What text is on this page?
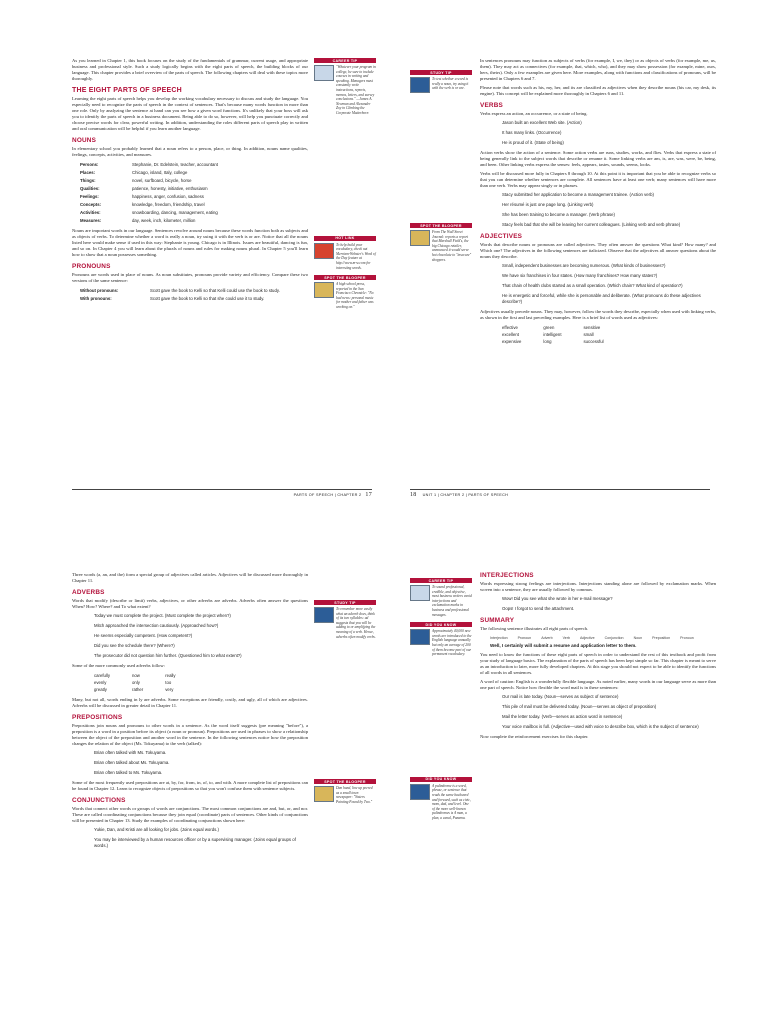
As you learned in Chapter 1, this book focuses on the study of the fundamentals of grammar, current usage, and appropriate business and professional style. Such a study logically begins with the eight parts of speech, the building blocks of our language. This chapter provides a brief overview of the parts of speech. The following chapters will deal with these topics more thoroughly.

THE EIGHT PARTS OF SPEECH

Learning the eight parts of speech helps you develop the working vocabulary necessary to discuss and study the language. You especially need to recognize the parts of speech in the context of sentences. That's because many words function in more than one role. Only by analyzing the sentence at hand can you see how a given word functions. It's unlikely that your boss will ask you to identify the parts of speech in a business document. Being able to do so, however, will help you punctuate correctly and choose precise words for clear, powerful writing. In addition, understanding the roles different parts of speech play in written and oral communication will be helpful if you learn another language.

NOUNS

In elementary school you probably learned that a noun refers to a person, place, or thing. In addition, nouns name qualities, feelings, concepts, activities, and measures.

Persons:	Stephanie, Dr. Edelstein, teacher, accountant
Places:	Chicago, island, Italy, college
Things:	novel, surfboard, bicycle, horse
Qualities:	patience, honesty, initiative, enthusiasm
Feelings:	happiness, anger, confusion, sadness
Concepts:	knowledge, freedom, friendship, travel
Activities:	snowboarding, dancing, management, eating
Measures:	day, week, inch, kilometer, million

Nouns are important words in our language. Sentences revolve around nouns because these words function both as subjects and as objects of verbs. To determine whether a word is really a noun, try using it with the verb is or are. Notice that all the nouns listed here would make sense if used in this way: Stephanie is young. Chicago is in Illinois. Issues are beautiful, dancing is fun, and so on. In Chapter 4 you will learn about the plurals of nouns and rules for making nouns plural. In Chapter 5 you'll learn how to show that a noun possesses something.

PRONOUNS

Pronouns are words used in place of nouns. As noun substitutes, pronouns provide variety and efficiency. Compare these two versions of the same sentence:

Without pronouns:	Scott gave the book to Kelli so that Kelli could use the book to study.
With pronouns:	Scott gave the book to Kelli so that she could use it to study.
CAREER TIP
"Whatever your program in college, be sure to include courses in writing and speaking. Managers must constantly write instructions, reports, memos, letters, and survey conclusions." —James A. Newman and Alexander Zoy in Climbing the Corporate Matterhorn
HOT LINK
To help build your vocabulary, check out Merriam-Webster's Word of the Day feature at http://www.m-w.com for interesting words.
SPOT THE BLOOPER
A high school press, reported in the San Francisco Chronicle: "No bad news: personal music for mother and father was working on."
PARTS OF SPEECH | CHAPTER 2 17
STUDY TIP
To test whether a word is really a noun, try using it with the verb is or are.
SPOT THE BLOOPER
From The Wall Street Journal: reports a report that Marshall Field's, the big Chicago retailer, announced it would serve hot chocolate to "insecure" shoppers.

In sentences pronouns may function as subjects of verbs (for example, I, we, they) or as objects of verbs (for example, me, us, them). They may act as connectives (for example, that, which, who), and they may show possession (for example, mine, ours, hers, theirs). Only a few examples are given here. More examples, along with functions and classifications of pronouns, will be presented in Chapters 6 and 7.

Please note that words such as his, my, her, and its are classified as adjectives when they describe nouns (his car, my desk, its engine). This concept will be explained more thoroughly in Chapters 6 and 11.

VERBS

Verbs express an action, an occurrence, or a state of being.

Jason built an excellent Web site. (Action)
It has many links. (Occurrence)
He is proud of it. (State of being)

Action verbs show the action of a sentence. Some action verbs are runs, studies, works, and flies. Verbs that express a state of being generally link to the subject words that describe or rename it. Some linking verbs are am, is, are, was, were, be, being, and been. Other linking verbs express the senses: feels, appears, tastes, sounds, seems, looks.

Verbs will be discussed more fully in Chapters 8 through 10. At this point it is important that you be able to recognize verbs so that you can determine whether sentences are complete. All sentences have at least one verb; many sentences will have more than one verb. Verbs may appear singly or in phrases.

Stacy submitted her application to become a management trainee. (Action verb)
Her résumé is just one page long. (Linking verb)
She has been training to become a manager. (Verb phrase)
Stacy feels bad that she will be leaving her current colleagues. (Linking verb and verb phrase)
ADJECTIVES

Words that describe nouns or pronouns are called adjectives. They often answer the questions What kind? How many? and Which one? The adjectives in the following sentences are italicized. Observe that the adjectives all answer questions about the nouns they describe.

Small, independent businesses are becoming numerous. (What kinds of businesses?)
We have six franchises in four states. (How many franchises? How many states?)
That chain of health clubs started as a small operation. (Which chain? What kind of operation?)
He is energetic and forceful, while she is personable and deliberate. (What pronouns do these adjectives describe?)

Adjectives usually precede nouns. They may, however, follow the words they describe, especially when used with linking verbs, as shown in the first and last preceding examples. Here is a brief list of words used as adjectives:

effective	green	sensitive
excellent	intelligent	small
expensive	long	successful
18 UNIT 1 | CHAPTER 2 | PARTS OF SPEECH

Three words (a, an, and the) form a special group of adjectives called articles. Adjectives will be discussed more thoroughly in Chapter 11.

ADVERBS

Words that modify (describe or limit) verbs, adjectives, or other adverbs are adverbs. Adverbs often answer the questions When? How? Where? and To what extent?

Today we must complete the project. (Must complete the project when?)
Mitch approached the intersection cautiously. (Approached how?)
He seems especially competent. (How competent?)
Did you see the schedule there? (Where?)
The prosecutor did not question him further. (Questioned him to what extent?)

Some of the more commonly used adverbs follow:

carefully	now	really
evenly	only	too
greatly	rather	very

Many, but not all, words ending in ly are adverbs. Some exceptions are friendly, costly, and ugly, all of which are adjectives. Adverbs will be discussed in greater detail in Chapter 11.

PREPOSITIONS

Prepositions join nouns and pronouns to other words in a sentence. As the word itself suggests (pre meaning "before"), a preposition is a word in a position before its object (a noun or pronoun). Prepositions are used in phrases to show a relationship between the object of the preposition and another word in the sentence. In the following sentences notice how the preposition changes the relation of the object (Ms. Tokuyama) to the verb (talked):

Brian often talked with Ms. Tokuyama.
Brian often talked about Ms. Tokuyama.
Brian often talked to Ms. Tokuyama.

Some of the most frequently used prepositions are at, by, for, from, in, of, to, and with. A more complete list of prepositions can be found in Chapter 12. Learn to recognize objects of prepositions so that you won't confuse them with sentence subjects.

CONJUNCTIONS

Words that connect other words or groups of words are conjunctions. The most common conjunctions are and, but, or, and nor. These are called coordinating conjunctions because they join equal (coordinate) parts of sentences. Other kinds of conjunctions will be presented in Chapter 13. Study the examples of coordinating conjunctions shown here:

Yukie, Dan, and Kristi are all looking for jobs. (Joins equal words.)
You may be interviewed by a human resources officer or by a supervising manager. (Joins equal groups of words.)
STUDY TIP
To remember more easily what an adverb does, think of its two syllables: ad suggests that you will be adding to or amplifying the meaning of a verb. Hence, adverbs often modify verbs.
SPOT THE BLOOPER
Dan hand, line up peered as a small town newspaper: "Sisters Painting Found by Two."
CAREER TIP
To sound professional, credible, and objective, most business writers avoid interjections and exclamation marks in business and professional messages.
DID YOU KNOW
Approximately 40,000 new words are introduced to the English language annually but only an average of 200 of them become part of our permanent vocabulary.
DID YOU KNOW
A palindrome is a word, phrase, or sentence that reads the same backward and forward, such as civic, mom, dad, and level. One of the more well-known palindromes is A man, a plan, a canal, Panama.
INTERJECTIONS

Words expressing strong feelings are interjections. Interjections standing alone are followed by exclamation marks. When woven into a sentence, they are usually followed by commas.

Wow! Did you see what she wrote in her e-mail message?
Oops! I forgot to send the attachment.
SUMMARY

The following sentence illustrates all eight parts of speech.

Interjection	Pronoun	Adverb	Verb	Adjective	Conjunction	Noun	Preposition	Pronoun
Well, I certainly will submit a resume and application letter to them.

You need to know the functions of these eight parts of speech in order to understand the rest of this textbook and profit from your study of language basics. The explanation of the parts of speech has been kept simple so far. This chapter is meant to serve as an introduction to later, more fully developed chapters. At this stage you should not expect to be able to identify the functions of all words in all sentences.

A word of caution: English is a wonderfully flexible language. As noted earlier, many words in our language serve as more than one part of speech. Notice how flexible the word mail is in these sentences:

Our mail is late today. (Noun—serves as subject of sentence)
This pile of mail must be delivered today. (Noun—serves as object of preposition)
Mail the letter today. (Verb—serves as action word in sentence)
Your voice mailbox is full. (Adjective—used with voice to describe box, which is the subject of sentence)

Now complete the reinforcement exercises for this chapter.
